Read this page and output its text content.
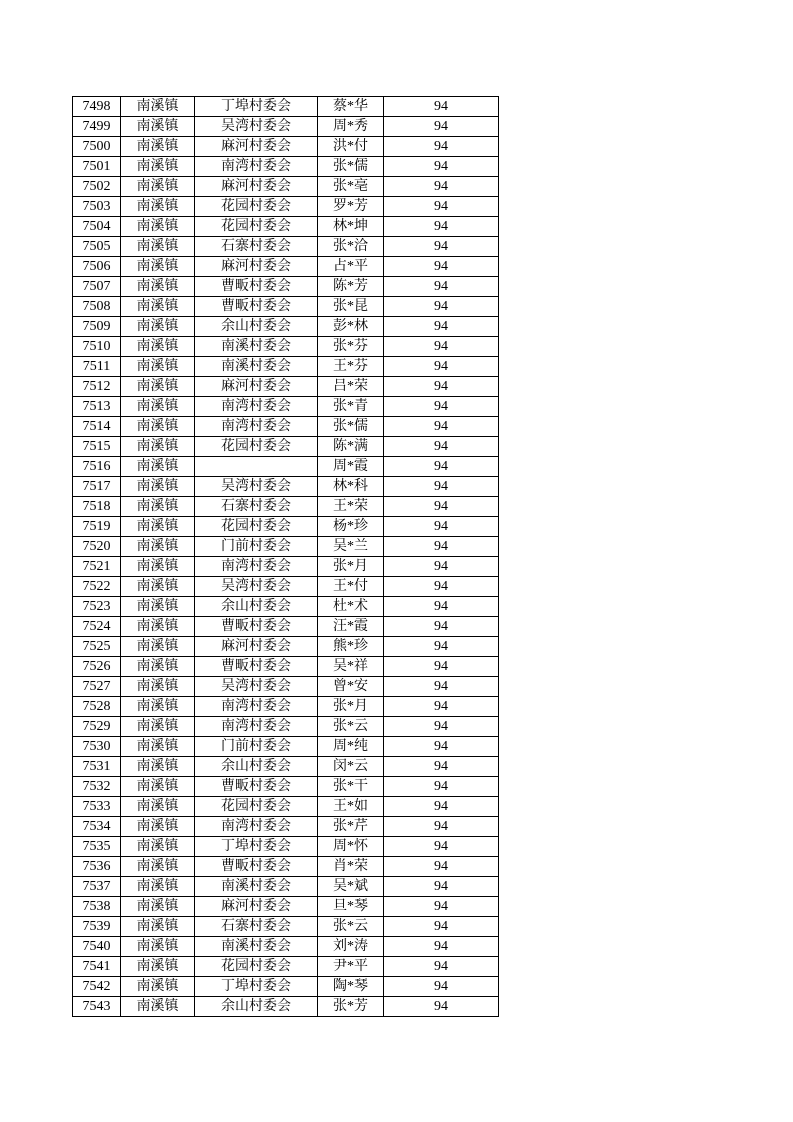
7498	南溪镇	丁埠村委会	蔡*华	94
7499	南溪镇	吴湾村委会	周*秀	94
7500	南溪镇	麻河村委会	洪*付	94
7501	南溪镇	南湾村委会	张*儒	94
7502	南溪镇	麻河村委会	张*亳	94
7503	南溪镇	花园村委会	罗*芳	94
7504	南溪镇	花园村委会	林*坤	94
7505	南溪镇	石寨村委会	张*洽	94
7506	南溪镇	麻河村委会	占*平	94
7507	南溪镇	曹畈村委会	陈*芳	94
7508	南溪镇	曹畈村委会	张*昆	94
7509	南溪镇	余山村委会	彭*林	94
7510	南溪镇	南溪村委会	张*芬	94
7511	南溪镇	南溪村委会	王*芬	94
7512	南溪镇	麻河村委会	吕*荣	94
7513	南溪镇	南湾村委会	张*青	94
7514	南溪镇	南湾村委会	张*儒	94
7515	南溪镇	花园村委会	陈*满	94
7516	南溪镇		周*霞	94
7517	南溪镇	吴湾村委会	林*科	94
7518	南溪镇	石寨村委会	王*荣	94
7519	南溪镇	花园村委会	杨*珍	94
7520	南溪镇	门前村委会	吴*兰	94
7521	南溪镇	南湾村委会	张*月	94
7522	南溪镇	吴湾村委会	王*付	94
7523	南溪镇	余山村委会	杜*术	94
7524	南溪镇	曹畈村委会	汪*霞	94
7525	南溪镇	麻河村委会	熊*珍	94
7526	南溪镇	曹畈村委会	吴*祥	94
7527	南溪镇	吴湾村委会	曾*安	94
7528	南溪镇	南湾村委会	张*月	94
7529	南溪镇	南湾村委会	张*云	94
7530	南溪镇	门前村委会	周*纯	94
7531	南溪镇	余山村委会	闵*云	94
7532	南溪镇	曹畈村委会	张*干	94
7533	南溪镇	花园村委会	王*如	94
7534	南溪镇	南湾村委会	张*芹	94
7535	南溪镇	丁埠村委会	周*怀	94
7536	南溪镇	曹畈村委会	肖*荣	94
7537	南溪镇	南溪村委会	吴*斌	94
7538	南溪镇	麻河村委会	旦*琴	94
7539	南溪镇	石寨村委会	张*云	94
7540	南溪镇	南溪村委会	刘*涛	94
7541	南溪镇	花园村委会	尹*平	94
7542	南溪镇	丁埠村委会	陶*琴	94
7543	南溪镇	余山村委会	张*芳	94
